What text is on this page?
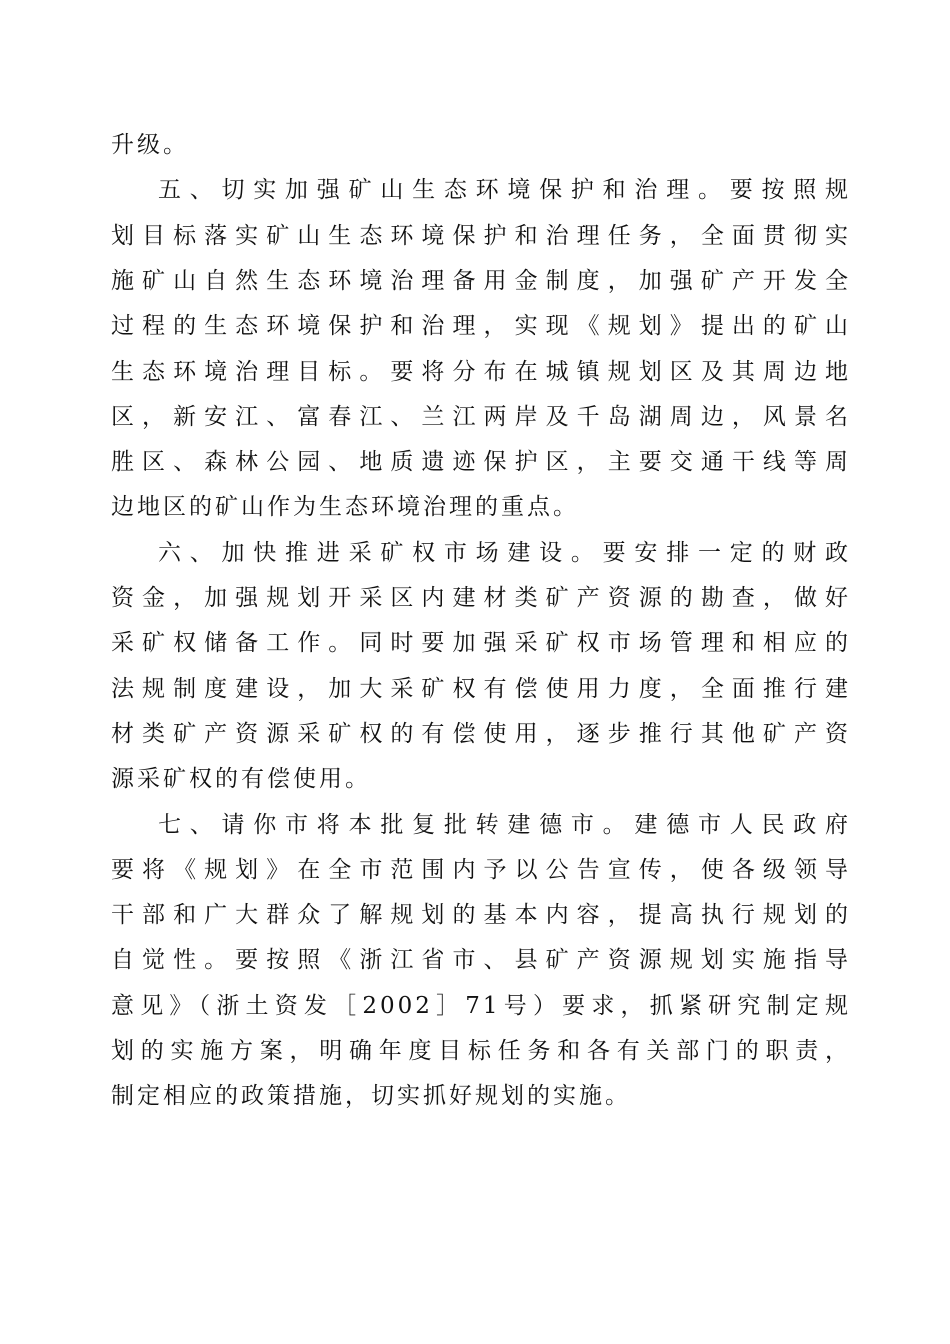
升级。
五、切实加强矿山生态环境保护和治理。要按照规
划目标落实矿山生态环境保护和治理任务，全面贯彻实
施矿山自然生态环境治理备用金制度，加强矿产开发全
过程的生态环境保护和治理，实现《规划》提出的矿山
生态环境治理目标。要将分布在城镇规划区及其周边地
区，新安江、富春江、兰江两岸及千岛湖周边，风景名
胜区、森林公园、地质遗迹保护区，主要交通干线等周
边地区的矿山作为生态环境治理的重点。
六、加快推进采矿权市场建设。要安排一定的财政
资金，加强规划开采区内建材类矿产资源的勘查，做好
采矿权储备工作。同时要加强采矿权市场管理和相应的
法规制度建设，加大采矿权有偿使用力度，全面推行建
材类矿产资源采矿权的有偿使用，逐步推行其他矿产资
源采矿权的有偿使用。
七、请你市将本批复批转建德市。建德市人民政府
要将《规划》在全市范围内予以公告宣传，使各级领导
干部和广大群众了解规划的基本内容，提高执行规划的
自觉性。要按照《浙江省市、县矿产资源规划实施指导
意见》（浙土资发［2002］71号）要求，抓紧研究制定规
划的实施方案，明确年度目标任务和各有关部门的职责，
制定相应的政策措施，切实抓好规划的实施。
